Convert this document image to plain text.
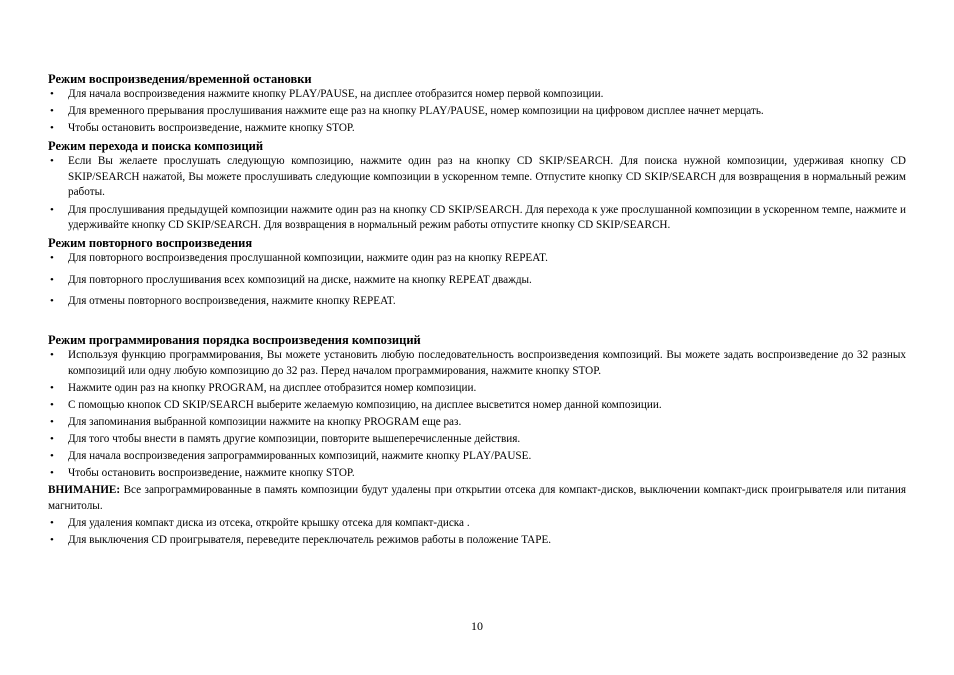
Режим воспроизведения/временной остановки
• Для начала воспроизведения нажмите кнопку PLAY/PAUSE, на дисплее отобразится номер первой композиции.
• Для временного прерывания прослушивания нажмите еще раз на кнопку PLAY/PAUSE, номер композиции на цифровом дисплее начнет мерцать.
• Чтобы остановить воспроизведение, нажмите кнопку STOP.
Режим перехода и поиска композиций
• Если Вы желаете прослушать следующую композицию, нажмите один раз на кнопку CD SKIP/SEARCH. Для поиска нужной композиции, удерживая кнопку CD SKIP/SEARCH нажатой, Вы можете прослушивать следующие композиции в ускоренном темпе. Отпустите кнопку CD SKIP/SEARCH для возвращения в нормальный режим работы.
• Для прослушивания предыдущей композиции нажмите один раз на кнопку CD SKIP/SEARCH. Для перехода к уже прослушанной композиции в ускоренном темпе, нажмите и удерживайте кнопку CD SKIP/SEARCH. Для возвращения в нормальный режим работы отпустите кнопку CD SKIP/SEARCH.
Режим повторного воспроизведения
• Для повторного воспроизведения прослушанной композиции, нажмите один раз на кнопку REPEAT.
• Для повторного прослушивания всех композиций на диске, нажмите на кнопку REPEAT дважды.
• Для отмены повторного воспроизведения, нажмите кнопку REPEAT.
Режим программирования порядка воспроизведения композиций
• Используя функцию программирования, Вы можете установить любую последовательность воспроизведения композиций. Вы можете задать воспроизведение до 32 разных композиций или одну любую композицию до 32 раз. Перед началом программирования, нажмите кнопку STOP.
• Нажмите один раз на кнопку PROGRAM, на дисплее отобразится номер композиции.
• С помощью кнопок CD SKIP/SEARCH выберите желаемую композицию, на дисплее высветится номер данной композиции.
• Для запоминания выбранной композиции нажмите на кнопку PROGRAM еще раз.
• Для того чтобы внести в память другие композиции, повторите вышеперечисленные действия.
• Для начала воспроизведения запрограммированных композиций, нажмите кнопку PLAY/PAUSE.
• Чтобы остановить воспроизведение, нажмите кнопку STOP.

ВНИМАНИЕ: Все запрограммированные в память композиции будут удалены при открытии отсека для компакт-дисков, выключении компакт-диск проигрывателя или питания магнитолы.

• Для удаления компакт диска из отсека, откройте крышку отсека для компакт-диска .
• Для выключения CD проигрывателя, переведите переключатель режимов работы в положение TAPE.
10
